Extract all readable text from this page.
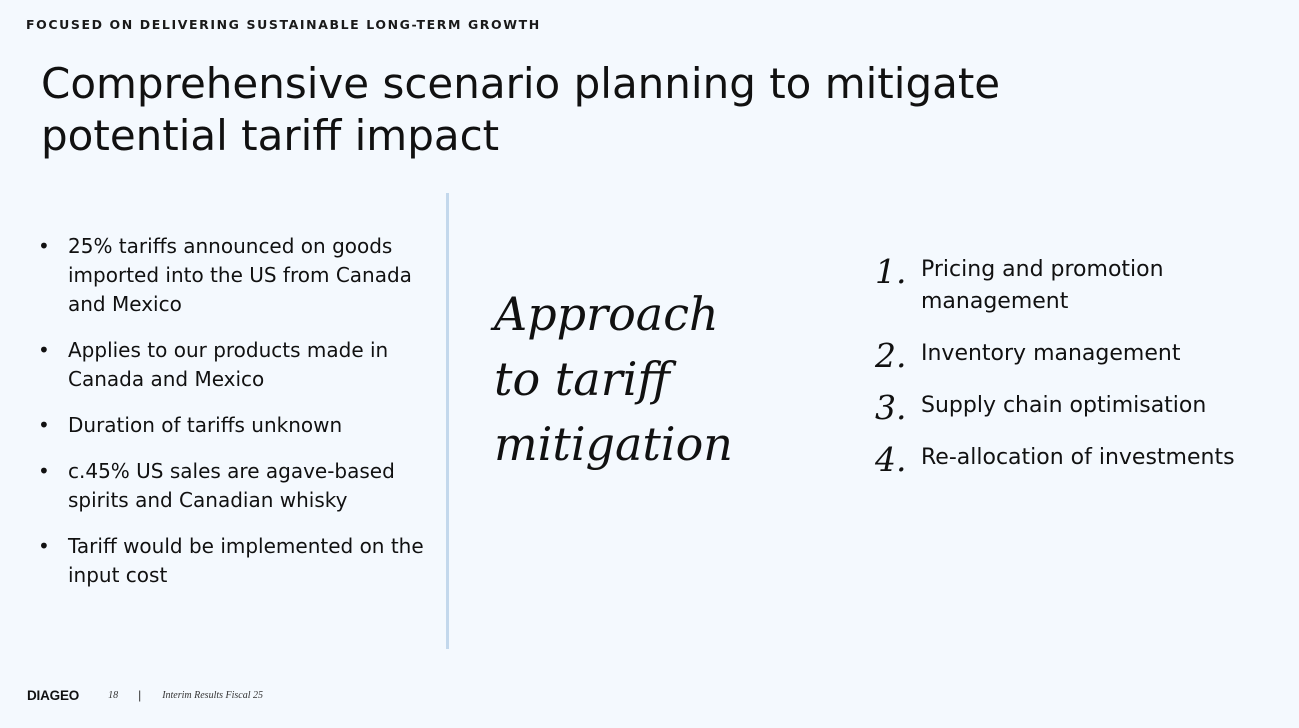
FOCUSED ON DELIVERING SUSTAINABLE LONG-TERM GROWTH
Comprehensive scenario planning to mitigate potential tariff impact
• 25% tariffs announced on goods imported into the US from Canada and Mexico
• Applies to our products made in Canada and Mexico
• Duration of tariffs unknown
• c.45% US sales are agave-based spirits and Canadian whisky
• Tariff would be implemented on the input cost
Approach
to tariff
mitigation
1. Pricing and promotion management
2. Inventory management
3. Supply chain optimisation
4. Re-allocation of investments
DIAGEO	18 | Interim Results Fiscal 25
